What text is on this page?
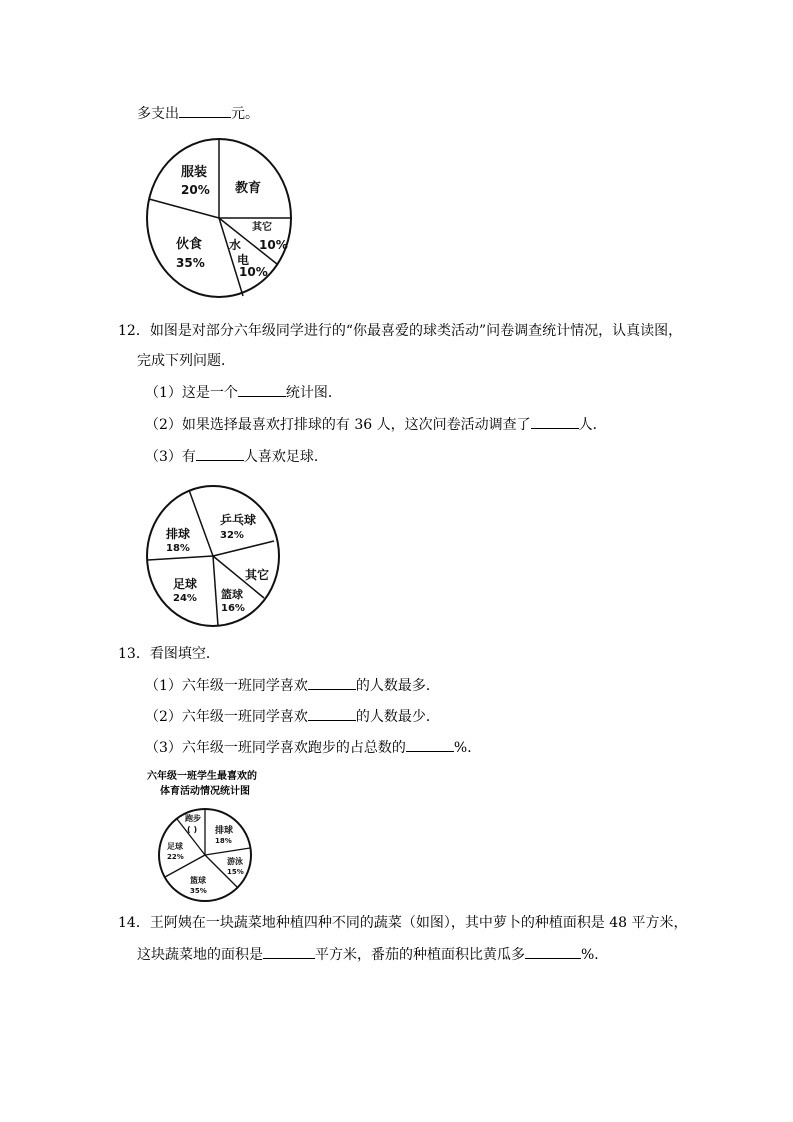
多支出	元。
服装
20% 教育
其它
10%
水
电
10%
伙食
35%
12．如图是对部分六年级同学进行的“你最喜爱的球类活动”问卷调查统计情况，认真读图，
完成下列问题．
（1）这是一个	统计图．
（2）如果选择最喜欢打排球的有 36 人，这次问卷活动调查了	人．
（3）有	人喜欢足球．
乒乓球
32%
排球
18%
其它
足球
24% 篮球
16%
13．看图填空．
（1）六年级一班同学喜欢	的人数最多．
（2）六年级一班同学喜欢	的人数最少．
（3）六年级一班同学喜欢跑步的占总数的	%．
六年级一班学生最喜欢的
体育活动情况统计图
跑步
( ) 排球
18%
游泳
15%
篮球
35%
足球
22%
14．王阿姨在一块蔬菜地种植四种不同的蔬菜（如图），其中萝卜的种植面积是 48 平方米，
这块蔬菜地的面积是	平方米，番茄的种植面积比黄瓜多	%．
